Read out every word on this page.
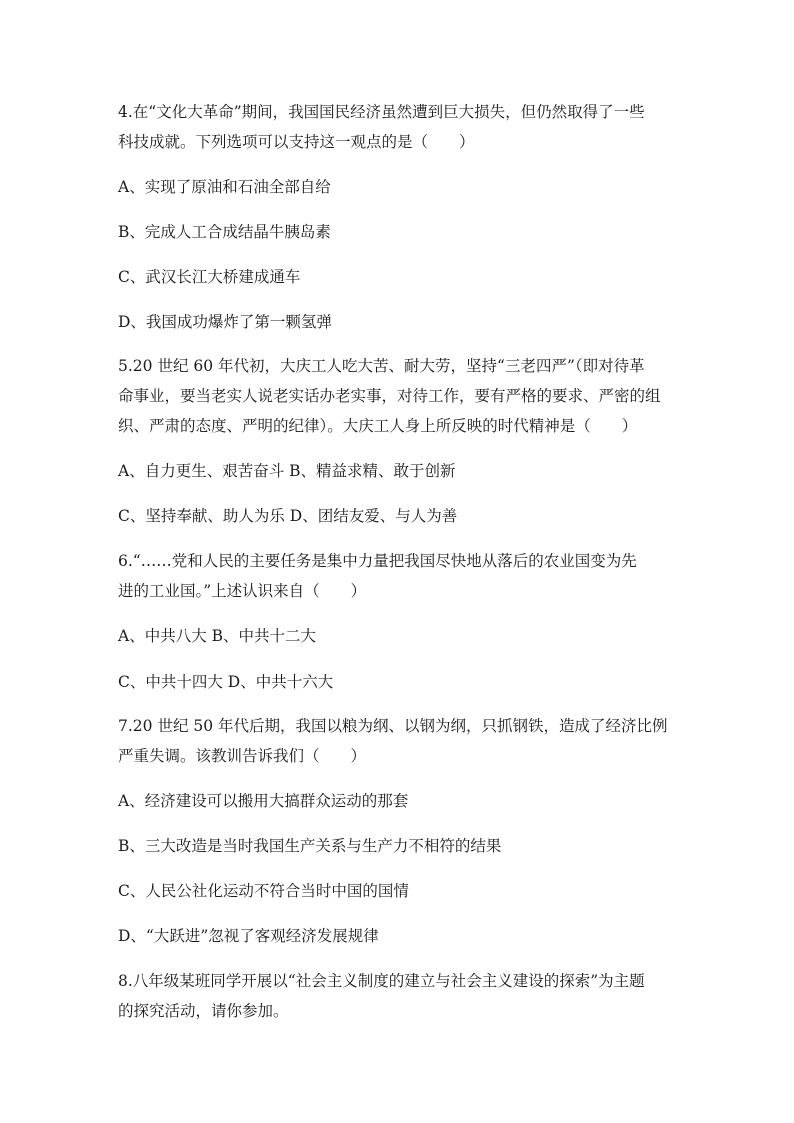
4.在“文化大革命”期间，我国国民经济虽然遭到巨大损失，但仍然取得了一些
科技成就。下列选项可以支持这一观点的是（　　）
A、实现了原油和石油全部自给
B、完成人工合成结晶牛胰岛素
C、武汉长江大桥建成通车
D、我国成功爆炸了第一颗氢弹
5.20 世纪 60 年代初，大庆工人吃大苦、耐大劳，坚持“三老四严”（即对待革
命事业，要当老实人说老实话办老实事，对待工作，要有严格的要求、严密的组
织、严肃的态度、严明的纪律）。大庆工人身上所反映的时代精神是（　　）
A、自力更生、艰苦奋斗 B、精益求精、敢于创新
C、坚持奉献、助人为乐 D、团结友爱、与人为善
6.“……党和人民的主要任务是集中力量把我国尽快地从落后的农业国变为先
进的工业国。”上述认识来自（　　）
A、中共八大 B、中共十二大
C、中共十四大 D、中共十六大
7.20 世纪 50 年代后期，我国以粮为纲、以钢为纲，只抓钢铁，造成了经济比例
严重失调。该教训告诉我们（　　）
A、经济建设可以搬用大搞群众运动的那套
B、三大改造是当时我国生产关系与生产力不相符的结果
C、人民公社化运动不符合当时中国的国情
D、“大跃进”忽视了客观经济发展规律
8.八年级某班同学开展以“社会主义制度的建立与社会主义建设的探索”为主题
的探究活动，请你参加。
